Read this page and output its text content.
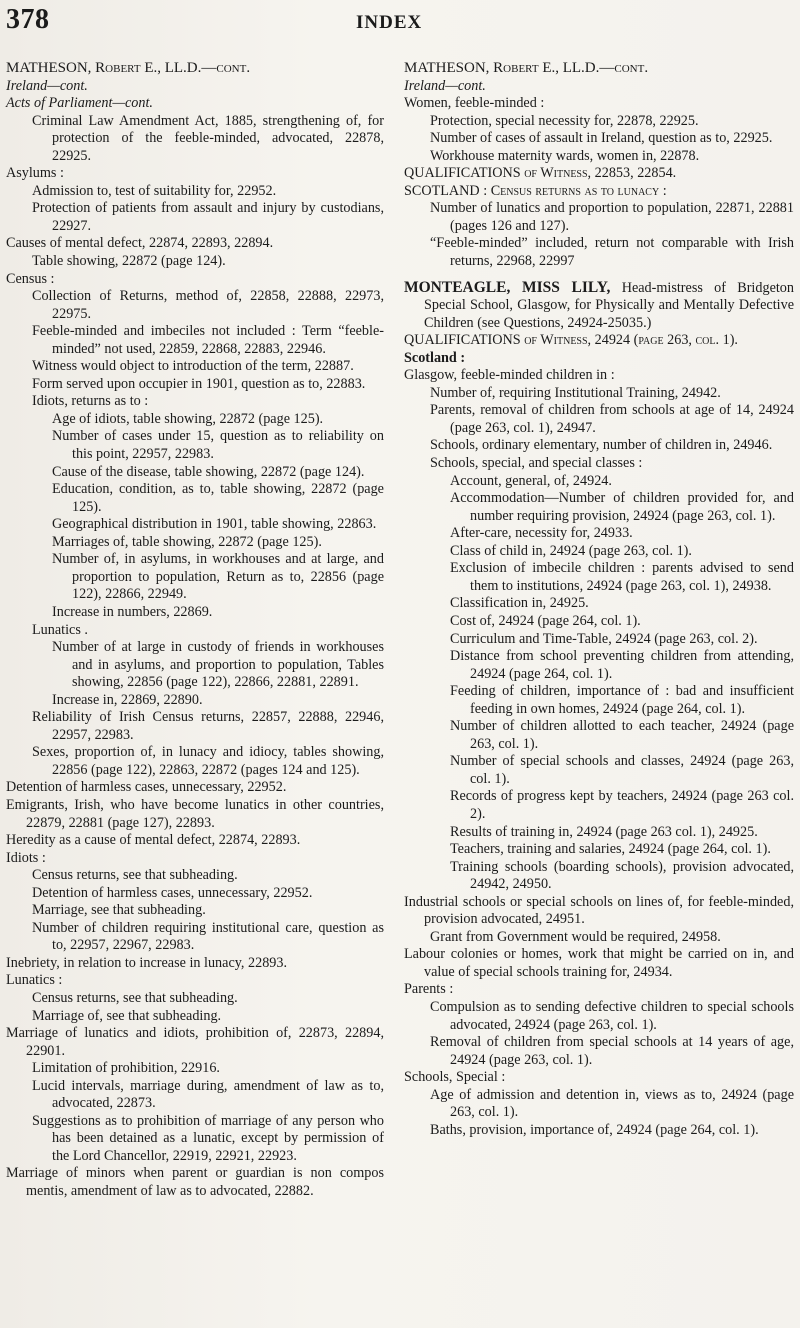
378	INDEX

MATHESON, Robert E., LL.D.—cont.

Ireland—cont.

Acts of Parliament—cont.

Criminal Law Amendment Act, 1885, strengthening of, for protection of the feeble-minded, advocated, 22878, 22925.

Asylums :

Admission to, test of suitability for, 22952.

Protection of patients from assault and injury by custodians, 22927.

Causes of mental defect, 22874, 22893, 22894.

Table showing, 22872 (page 124).

Census :

Collection of Returns, method of, 22858, 22888, 22973, 22975.

Feeble-minded and imbeciles not included : Term “feeble-minded” not used, 22859, 22868, 22883, 22946.

Witness would object to introduction of the term, 22887.

Form served upon occupier in 1901, question as to, 22883.

Idiots, returns as to :

Age of idiots, table showing, 22872 (page 125).

Number of cases under 15, question as to reliability on this point, 22957, 22983.

Cause of the disease, table showing, 22872 (page 124).

Education, condition, as to, table showing, 22872 (page 125).

Geographical distribution in 1901, table showing, 22863.

Marriages of, table showing, 22872 (page 125).

Number of, in asylums, in workhouses and at large, and proportion to population, Return as to, 22856 (page 122), 22866, 22949.

Increase in numbers, 22869.

Lunatics .

Number of at large in custody of friends in workhouses and in asylums, and proportion to population, Tables showing, 22856 (page 122), 22866, 22881, 22891.

Increase in, 22869, 22890.

Reliability of Irish Census returns, 22857, 22888, 22946, 22957, 22983.

Sexes, proportion of, in lunacy and idiocy, tables showing, 22856 (page 122), 22863, 22872 (pages 124 and 125).

Detention of harmless cases, unnecessary, 22952.

Emigrants, Irish, who have become lunatics in other countries, 22879, 22881 (page 127), 22893.

Heredity as a cause of mental defect, 22874, 22893.

Idiots :

Census returns, see that subheading.

Detention of harmless cases, unnecessary, 22952.

Marriage, see that subheading.

Number of children requiring institutional care, question as to, 22957, 22967, 22983.

Inebriety, in relation to increase in lunacy, 22893.

Lunatics :

Census returns, see that subheading.

Marriage of, see that subheading.

Marriage of lunatics and idiots, prohibition of, 22873, 22894, 22901.

Limitation of prohibition, 22916.

Lucid intervals, marriage during, amendment of law as to, advocated, 22873.

Suggestions as to prohibition of marriage of any person who has been detained as a lunatic, except by permission of the Lord Chancellor, 22919, 22921, 22923.

Marriage of minors when parent or guardian is non compos mentis, amendment of law as to advocated, 22882.

MATHESON, Robert E., LL.D.—cont.

Ireland—cont.

Women, feeble-minded :

Protection, special necessity for, 22878, 22925.

Number of cases of assault in Ireland, question as to, 22925.

Workhouse maternity wards, women in, 22878.

QUALIFICATIONS of Witness, 22853, 22854.

SCOTLAND : Census returns as to lunacy :

Number of lunatics and proportion to population, 22871, 22881 (pages 126 and 127).

“Feeble-minded” included, return not comparable with Irish returns, 22968, 22997

MONTEAGLE, MISS LILY, Head-mistress of Bridgeton Special School, Glasgow, for Physically and Mentally Defective Children (see Questions, 24924-25035.)

QUALIFICATIONS of Witness, 24924 (page 263, col. 1).

Scotland :

Glasgow, feeble-minded children in :

Number of, requiring Institutional Training, 24942.

Parents, removal of children from schools at age of 14, 24924 (page 263, col. 1), 24947.

Schools, ordinary elementary, number of children in, 24946.

Schools, special, and special classes :

Account, general, of, 24924.

Accommodation—Number of children provided for, and number requiring provision, 24924 (page 263, col. 1).

After-care, necessity for, 24933.

Class of child in, 24924 (page 263, col. 1).

Exclusion of imbecile children : parents advised to send them to institutions, 24924 (page 263, col. 1), 24938.

Classification in, 24925.

Cost of, 24924 (page 264, col. 1).

Curriculum and Time-Table, 24924 (page 263, col. 2).

Distance from school preventing children from attending, 24924 (page 264, col. 1).

Feeding of children, importance of : bad and insufficient feeding in own homes, 24924 (page 264, col. 1).

Number of children allotted to each teacher, 24924 (page 263, col. 1).

Number of special schools and classes, 24924 (page 263, col. 1).

Records of progress kept by teachers, 24924 (page 263 col. 2).

Results of training in, 24924 (page 263 col. 1), 24925.

Teachers, training and salaries, 24924 (page 264, col. 1).

Training schools (boarding schools), provision advocated, 24942, 24950.

Industrial schools or special schools on lines of, for feeble-minded, provision advocated, 24951.

Grant from Government would be required, 24958.

Labour colonies or homes, work that might be carried on in, and value of special schools training for, 24934.

Parents :

Compulsion as to sending defective children to special schools advocated, 24924 (page 263, col. 1).

Removal of children from special schools at 14 years of age, 24924 (page 263, col. 1).

Schools, Special :

Age of admission and detention in, views as to, 24924 (page 263, col. 1).

Baths, provision, importance of, 24924 (page 264, col. 1).
